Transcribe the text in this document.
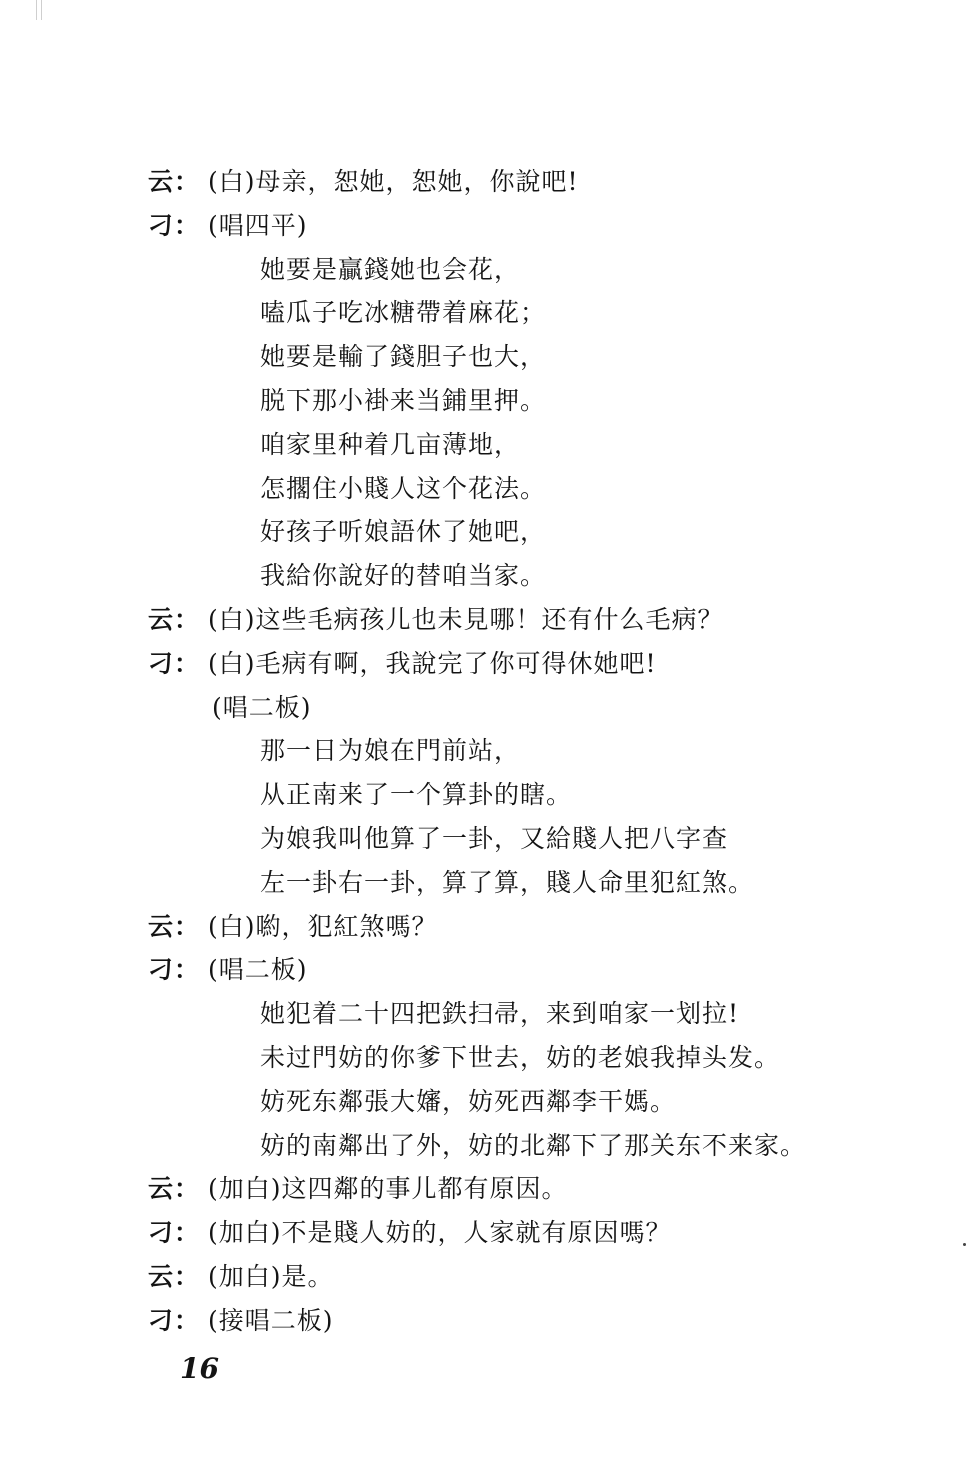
云： (白)母亲，恕她，恕她，你說吧!
刁： (唱四平)
她要是贏錢她也会花，
嗑瓜子吃冰糖帶着麻花；
她要是輸了錢胆子也大，
脱下那小褂来当鋪里押。
咱家里种着几亩薄地，
怎擱住小賤人这个花法。
好孩子听娘語休了她吧，
我給你說好的替咱当家。
云： (白)这些毛病孩儿也未見哪！还有什么毛病？
刁： (白)毛病有啊，我說完了你可得休她吧!
(唱二板)
那一日为娘在門前站，
从正南来了一个算卦的瞎。
为娘我叫他算了一卦，又給賤人把八字查
左一卦右一卦，算了算，賤人命里犯紅煞。
云： (白)喲，犯紅煞嗎？
刁： (唱二板)
她犯着二十四把鉄扫帚，来到咱家一划拉!
未过門妨的你爹下世去，妨的老娘我掉头发。
妨死东鄰張大嬸，妨死西鄰李干媽。
妨的南鄰出了外，妨的北鄰下了那关东不来家。
云： (加白)这四鄰的事儿都有原因。
刁： (加白)不是賤人妨的，人家就有原因嗎？
云： (加白)是。
刁： (接唱二板)
16
